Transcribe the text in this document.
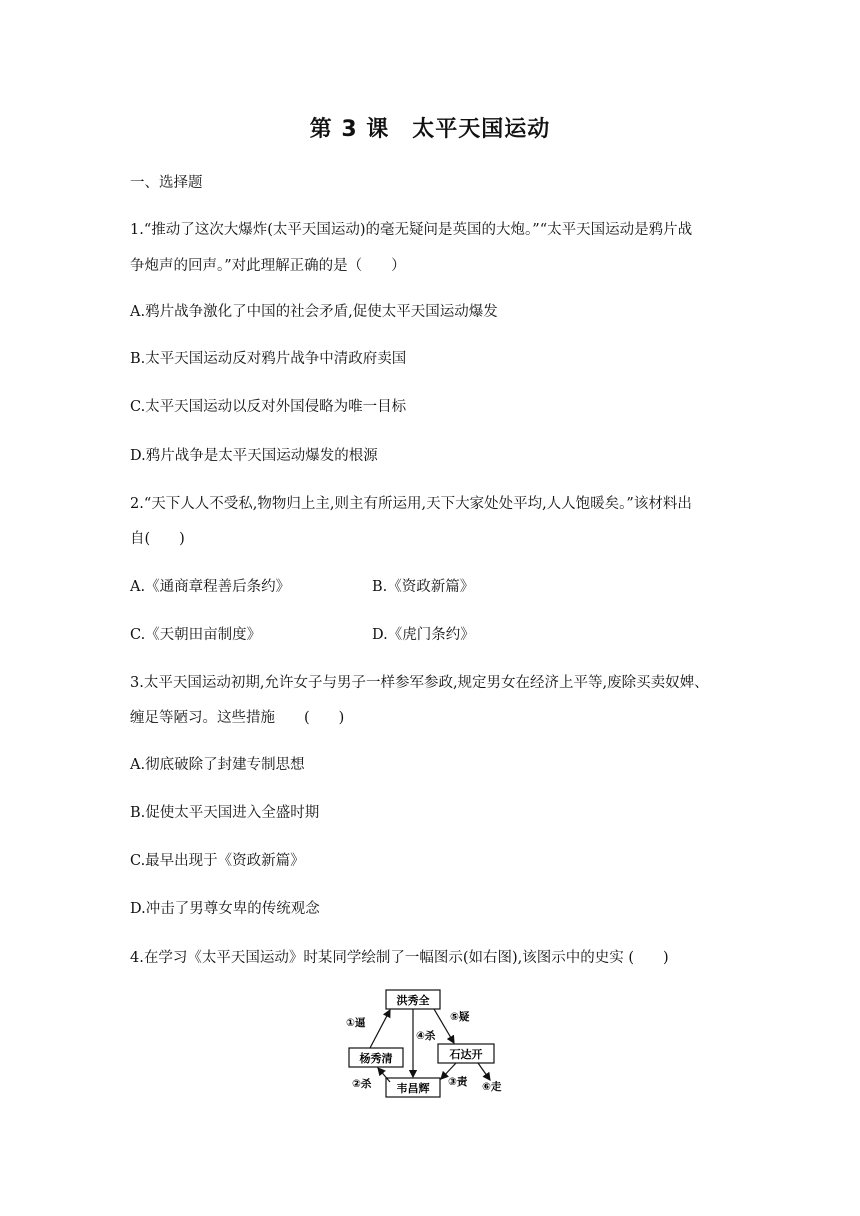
第 3 课　太平天国运动
一、选择题
1.“推动了这次大爆炸(太平天国运动)的毫无疑问是英国的大炮。”“太平天国运动是鸦片战
争炮声的回声。”对此理解正确的是（　　）
A.鸦片战争激化了中国的社会矛盾,促使太平天国运动爆发
B.太平天国运动反对鸦片战争中清政府卖国
C.太平天国运动以反对外国侵略为唯一目标
D.鸦片战争是太平天国运动爆发的根源
2.“天下人人不受私,物物归上主,则主有所运用,天下大家处处平均,人人饱暖矣。”该材料出
自(　　)
A.《通商章程善后条约》	B.《资政新篇》
C.《天朝田亩制度》	D.《虎门条约》
3.太平天国运动初期,允许女子与男子一样参军参政,规定男女在经济上平等,废除买卖奴婢、
缠足等陋习。这些措施　　(　　)
A.彻底破除了封建专制思想
B.促使太平天国进入全盛时期
C.最早出现于《资政新篇》
D.冲击了男尊女卑的传统观念
4.在学习《太平天国运动》时某同学绘制了一幅图示(如右图),该图示中的史实 (　　)
洪秀全
杨秀清	石达开
韦昌辉
①逼
④杀
⑤疑
②杀	③责 ⑥走
